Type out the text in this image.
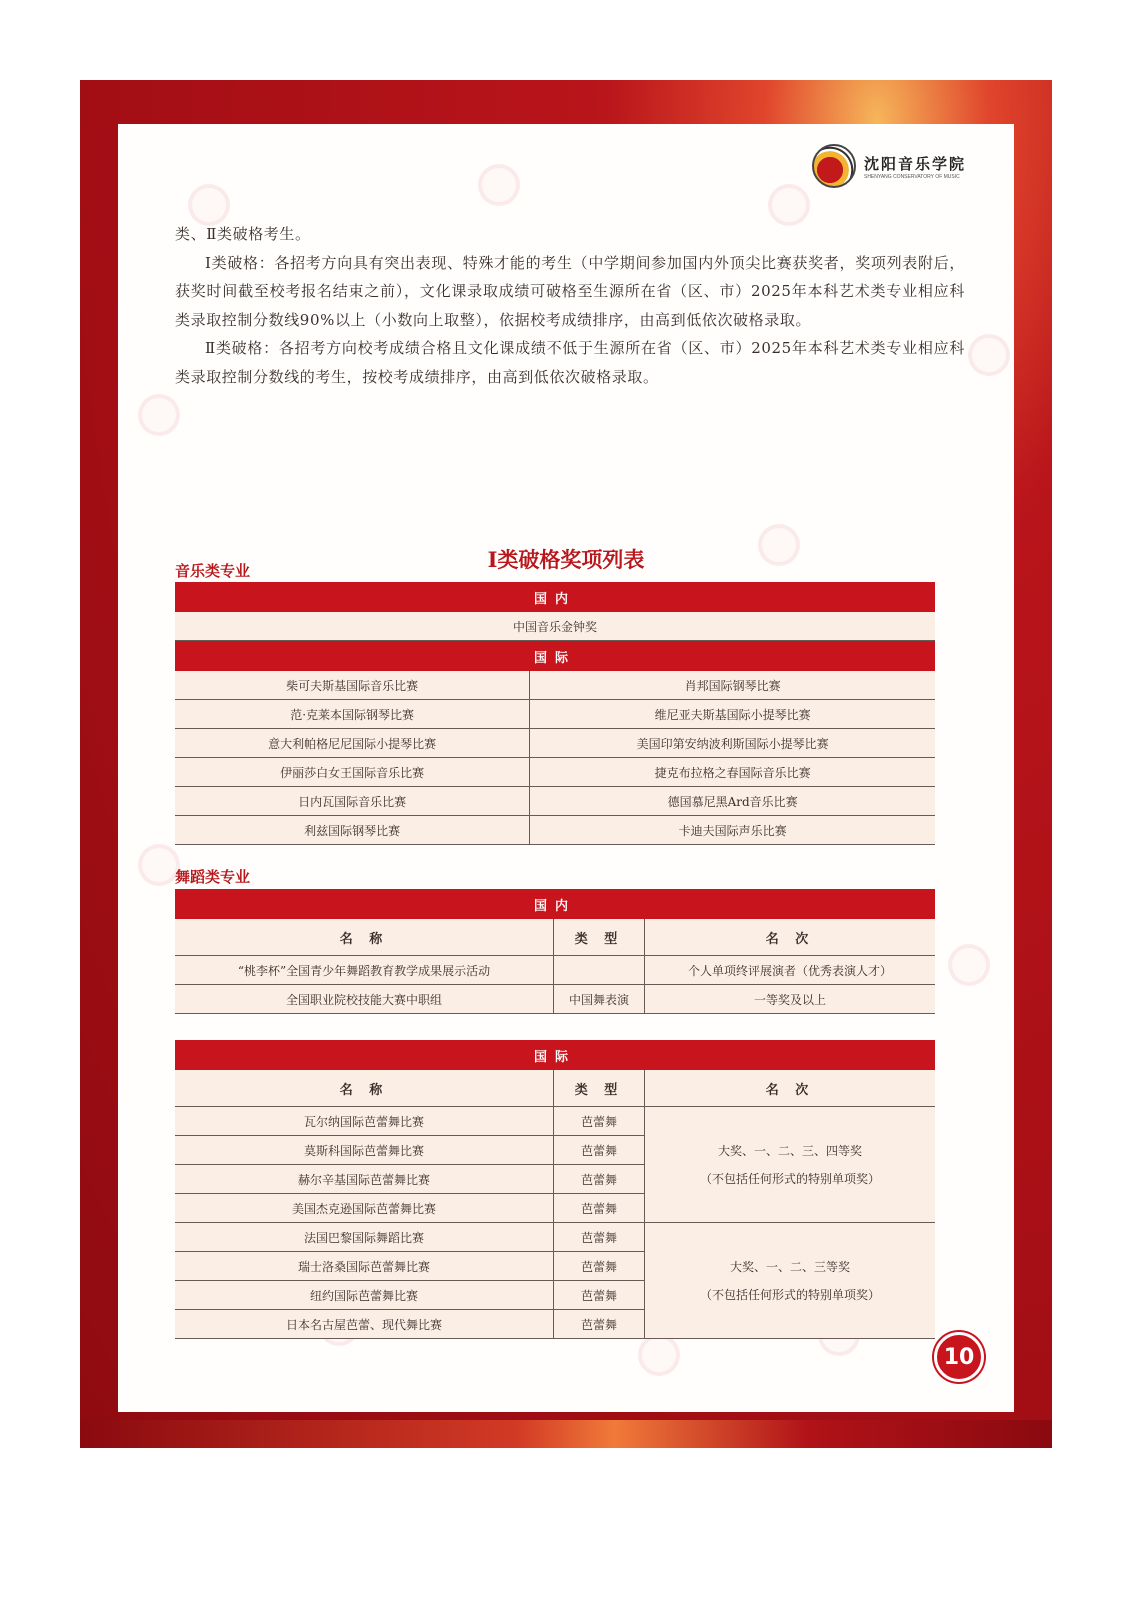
沈阳音乐学院
SHENYANG CONSERVATORY OF MUSIC

类、Ⅱ类破格考生。

Ⅰ类破格：各招考方向具有突出表现、特殊才能的考生（中学期间参加国内外顶尖比赛获奖者，奖项列表附后，获奖时间截至校考报名结束之前），文化课录取成绩可破格至生源所在省（区、市）2025年本科艺术类专业相应科类录取控制分数线90%以上（小数向上取整），依据校考成绩排序，由高到低依次破格录取。

Ⅱ类破格：各招考方向校考成绩合格且文化课成绩不低于生源所在省（区、市）2025年本科艺术类专业相应科类录取控制分数线的考生，按校考成绩排序，由高到低依次破格录取。

Ⅰ类破格奖项列表
音乐类专业
国内	
中国音乐金钟奖	
国际	
柴可夫斯基国际音乐比赛	肖邦国际钢琴比赛
范·克莱本国际钢琴比赛	维尼亚夫斯基国际小提琴比赛
意大利帕格尼尼国际小提琴比赛	美国印第安纳波利斯国际小提琴比赛
伊丽莎白女王国际音乐比赛	捷克布拉格之春国际音乐比赛
日内瓦国际音乐比赛	德国慕尼黑Ard音乐比赛
利兹国际钢琴比赛	卡迪夫国际声乐比赛
舞蹈类专业
国内		
名 称	类 型	名 次
“桃李杯”全国青少年舞蹈教育教学成果展示活动		个人单项终评展演者（优秀表演人才）
全国职业院校技能大赛中职组	中国舞表演	一等奖及以上
国际		
名 称	类 型	名 次
瓦尔纳国际芭蕾舞比赛	芭蕾舞	大奖、一、二、三、四等奖
（不包括任何形式的特别单项奖）

莫斯科国际芭蕾舞比赛	芭蕾舞	
赫尔辛基国际芭蕾舞比赛	芭蕾舞	
美国杰克逊国际芭蕾舞比赛	芭蕾舞	
法国巴黎国际舞蹈比赛	芭蕾舞	大奖、一、二、三等奖
（不包括任何形式的特别单项奖）

瑞士洛桑国际芭蕾舞比赛	芭蕾舞	
纽约国际芭蕾舞比赛	芭蕾舞	
日本名古屋芭蕾、现代舞比赛	芭蕾舞	
10
